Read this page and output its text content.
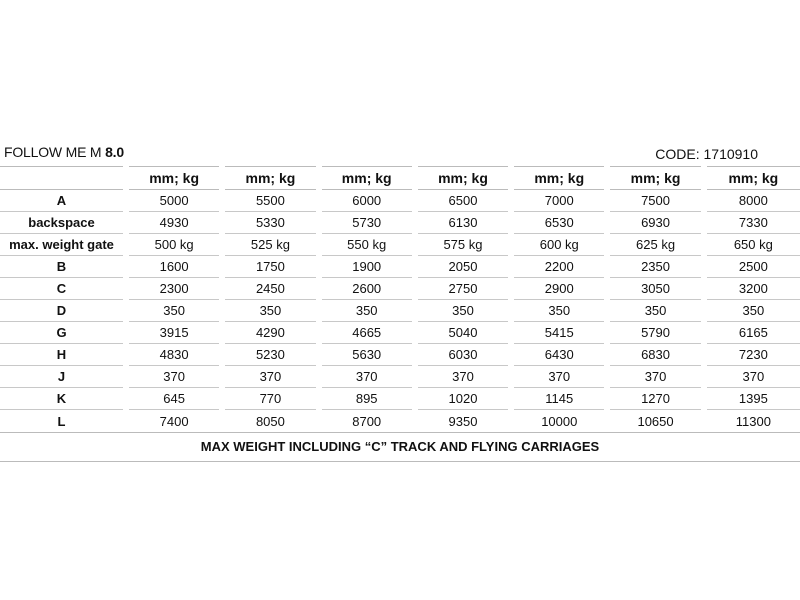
FOLLOW ME M 8.0	CODE: 1710910
	mm; kg	mm; kg	mm; kg	mm; kg	mm; kg	mm; kg	mm; kg
A	5000	5500	6000	6500	7000	7500	8000
backspace	4930	5330	5730	6130	6530	6930	7330
max. weight gate	500 kg	525 kg	550 kg	575 kg	600 kg	625 kg	650 kg
B	1600	1750	1900	2050	2200	2350	2500
C	2300	2450	2600	2750	2900	3050	3200
D	350	350	350	350	350	350	350
G	3915	4290	4665	5040	5415	5790	6165
H	4830	5230	5630	6030	6430	6830	7230
J	370	370	370	370	370	370	370
K	645	770	895	1020	1145	1270	1395
L	7400	8050	8700	9350	10000	10650	11300
MAX WEIGHT INCLUDING “C” TRACK AND FLYING CARRIAGES
